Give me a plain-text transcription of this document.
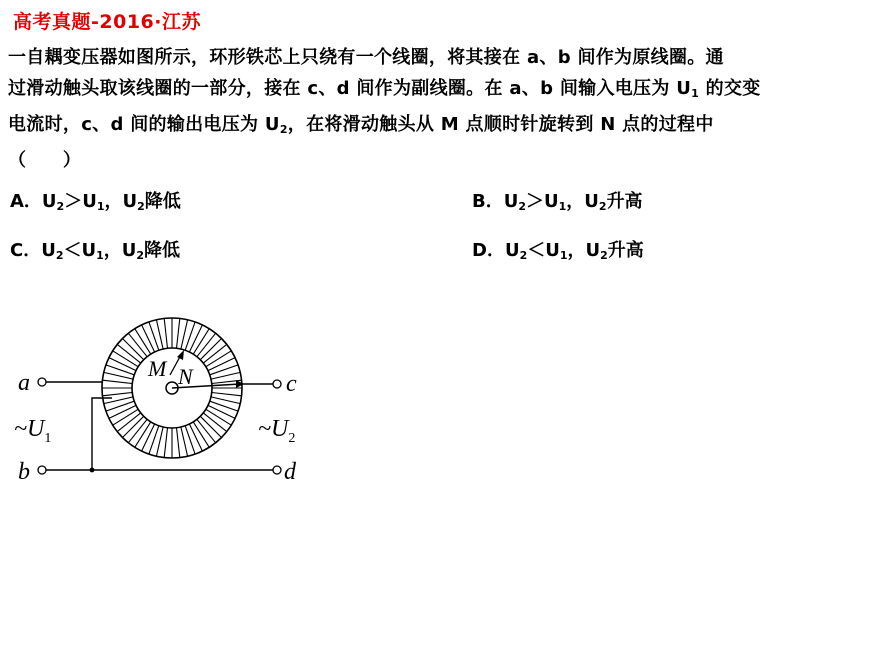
高考真题-2016·江苏
一自耦变压器如图所示，环形铁芯上只绕有一个线圈，将其接在 a、b 间作为原线圈。通
过滑动触头取该线圈的一部分，接在 c、d 间作为副线圈。在 a、b 间输入电压为 $U_1$ 的交变
电流时，c、d 间的输出电压为 $U_2$，在将滑动触头从 M 点顺时针旋转到 N 点的过程中
（　　）
A．$U_2>U_1$，$U_2$降低	B．$U_2>U_1$，$U_2$升高
C．$U_2<U_1$，$U_2$降低	D．$U_2<U_1$，$U_2$升高
a
b
c
d
M N
$\sim U_1$	$\sim U_2$
